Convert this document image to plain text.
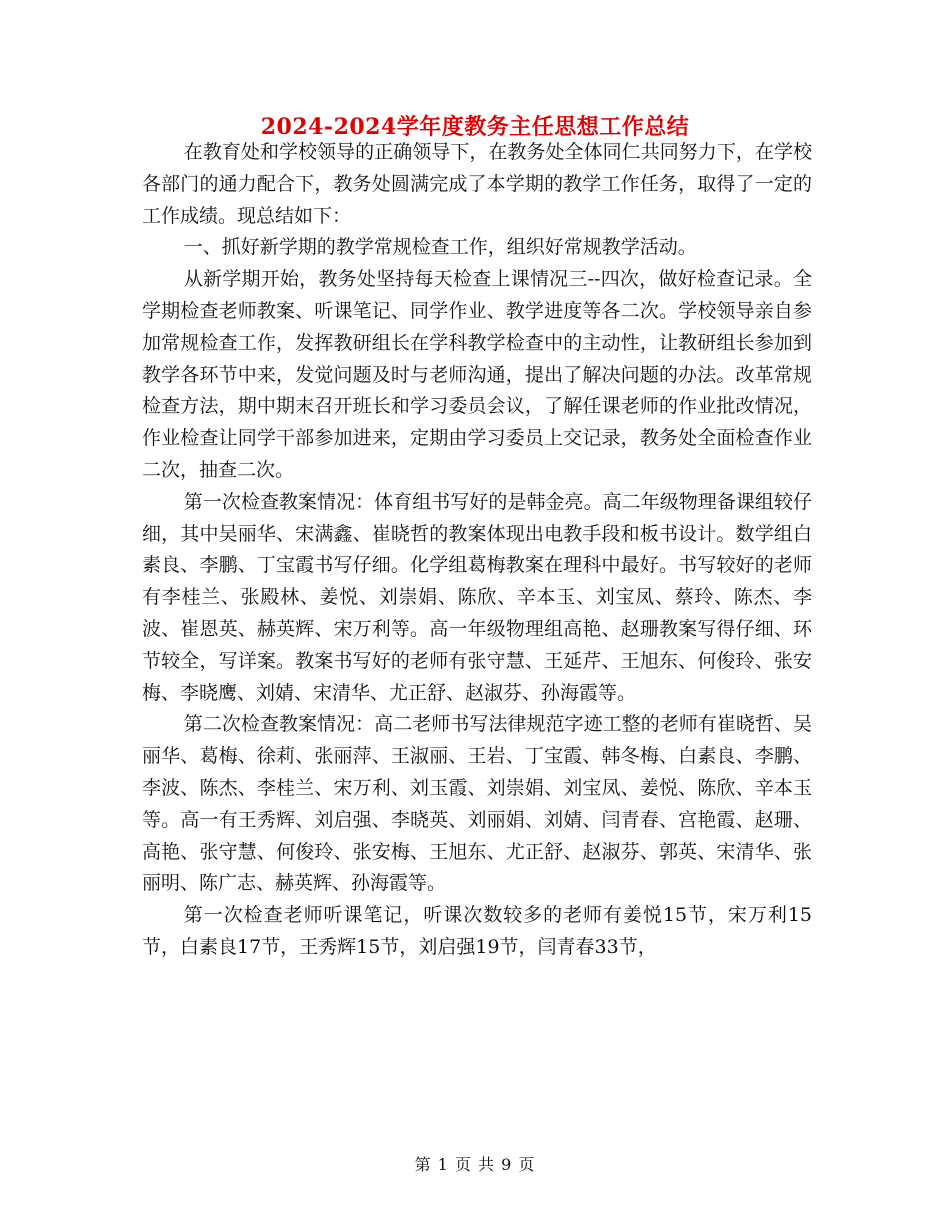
2024-2024学年度教务主任思想工作总结

在教育处和学校领导的正确领导下，在教务处全体同仁共同努力下，在学校各部门的通力配合下，教务处圆满完成了本学期的教学工作任务，取得了一定的工作成绩。现总结如下：

一、抓好新学期的教学常规检查工作，组织好常规教学活动。

从新学期开始，教务处坚持每天检查上课情况三--四次，做好检查记录。全学期检查老师教案、听课笔记、同学作业、教学进度等各二次。学校领导亲自参加常规检查工作，发挥教研组长在学科教学检查中的主动性，让教研组长参加到教学各环节中来，发觉问题及时与老师沟通，提出了解决问题的办法。改革常规检查方法，期中期末召开班长和学习委员会议，了解任课老师的作业批改情况，作业检查让同学干部参加进来，定期由学习委员上交记录，教务处全面检查作业二次，抽查二次。

第一次检查教案情况：体育组书写好的是韩金亮。高二年级物理备课组较仔细，其中吴丽华、宋满鑫、崔晓哲的教案体现出电教手段和板书设计。数学组白素良、李鹏、丁宝霞书写仔细。化学组葛梅教案在理科中最好。书写较好的老师有李桂兰、张殿林、姜悦、刘崇娟、陈欣、辛本玉、刘宝凤、蔡玲、陈杰、李波、崔恩英、赫英辉、宋万利等。高一年级物理组高艳、赵珊教案写得仔细、环节较全，写详案。教案书写好的老师有张守慧、王延芹、王旭东、何俊玲、张安梅、李晓鹰、刘婧、宋清华、尤正舒、赵淑芬、孙海霞等。

第二次检查教案情况：高二老师书写法律规范字迹工整的老师有崔晓哲、吴丽华、葛梅、徐莉、张丽萍、王淑丽、王岩、丁宝霞、韩冬梅、白素良、李鹏、李波、陈杰、李桂兰、宋万利、刘玉霞、刘崇娟、刘宝凤、姜悦、陈欣、辛本玉等。高一有王秀辉、刘启强、李晓英、刘丽娟、刘婧、闫青春、宫艳霞、赵珊、高艳、张守慧、何俊玲、张安梅、王旭东、尤正舒、赵淑芬、郭英、宋清华、张丽明、陈广志、赫英辉、孙海霞等。

第一次检查老师听课笔记，听课次数较多的老师有姜悦15节，宋万利15节，白素良17节，王秀辉15节，刘启强19节，闫青春33节，

第 1 页 共 9 页
